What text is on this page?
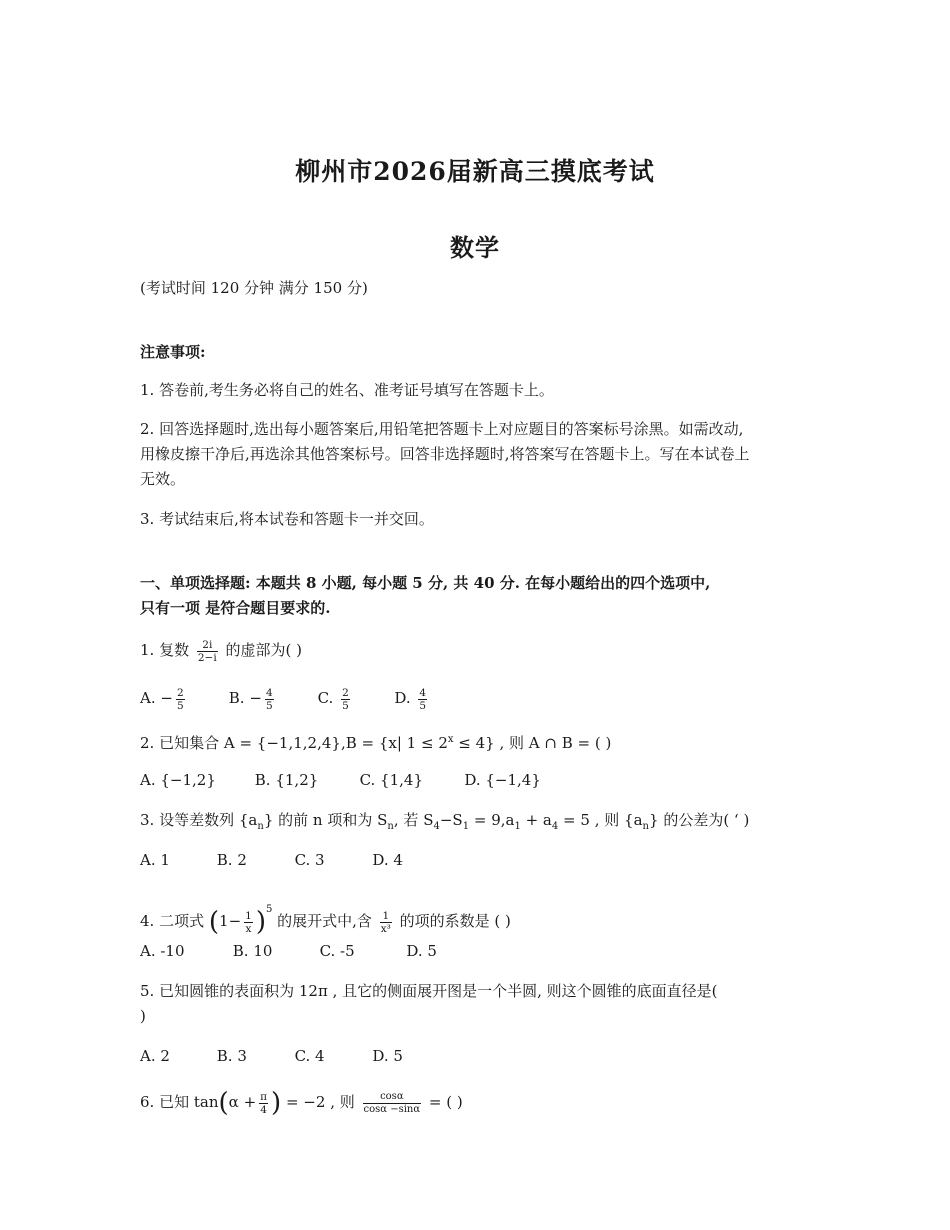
柳州市2026届新高三摸底考试
数学
(考试时间 120 分钟 满分 150 分)
注意事项:
1. 答卷前,考生务必将自己的姓名、准考证号填写在答题卡上。
2. 回答选择题时,选出每小题答案后,用铅笔把答题卡上对应题目的答案标号涂黑。如需改动,
用橡皮擦干净后,再选涂其他答案标号。回答非选择题时,将答案写在答题卡上。写在本试卷上
无效。
3. 考试结束后,将本试卷和答题卡一并交回。
一、单项选择题: 本题共 8 小题, 每小题 5 分, 共 40 分. 在每小题给出的四个选项中,
只有一项 是符合题目要求的.
1. 复数 $\frac{2i}{2-i}$ 的虚部为( )
A. − $\frac{2}{5}$	B. − $\frac{4}{5}$	C. $\frac{2}{5}$	D. $\frac{4}{5}$
2. 已知集合 A = {−1,1,2,4},B = {x| $1 \le 2^x \le 4$} , 则 A ∩ B = ( )
A. {−1,2}	B. {1,2}	C. {1,4}	D. {−1,4}
3. 设等差数列 $\{a_n\}$ 的前 n 项和为 $S_n$, 若 $S_4-S_1 = 9,a_1 + a_4 = 5$ , 则 $\{a_n\}$ 的公差为( ‘ )
A. 1	B. 2	C. 3	D. 4
4. 二项式 $(1- \frac{1}{x} )^5$ 的展开式中,含 $\frac{1}{\text{x³}}$ 的项的系数是 ( )
A. -10	B. 10	C. -5	D. 5
5. 已知圆锥的表面积为 12π , 且它的侧面展开图是一个半圆, 则这个圆锥的底面直径是(
)
A. 2	B. 3	C. 4	D. 5
6. 已知 $\tan(\alpha + \frac{\pi}{4}$ ) = −2 , 则 $\frac{\cos\alpha}{\cos\alpha -\sin\alpha}$ = ( )
